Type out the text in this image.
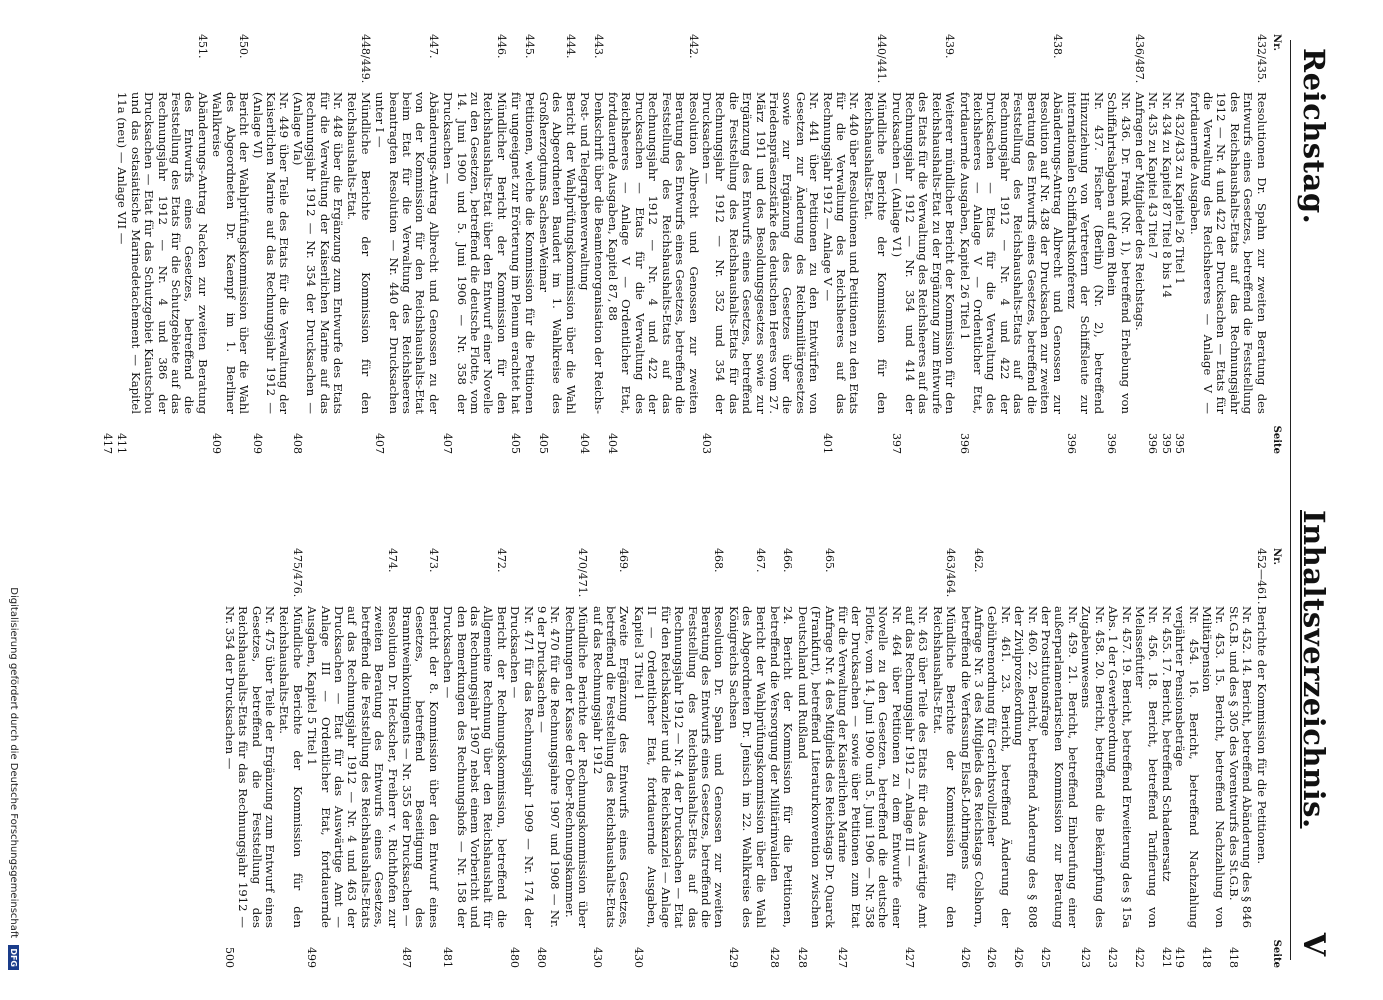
Reichstag.
Inhaltsverzeichnis.
V
Nr.
Seite
432/435.
Resolutionen Dr. Spahn zur zweiten Beratung des Entwurfs eines Gesetzes, betreffend die Feststellung des Reichshaushalts-Etats auf das Rechnungsjahr 1912 — Nr. 4 und 422 der Drucksachen — Etats für die Verwaltung des Reichsheeres — Anlage V — fortdauernde Ausgaben.
Nr. 432/433 zu Kapitel 26 Titel 1
395
Nr. 434 zu Kapitel 87 Titel 8 bis 14
395
Nr. 435 zu Kapitel 43 Titel 7
396
436/487.
Anfragen der Mitglieder des Reichstags.
Nr. 436. Dr. Frank (Nr. 1), betreffend Erhebung von Schiffahrtsabgaben auf dem Rhein
396
Nr. 437. Fischer (Berlin) (Nr. 2), betreffend Hinzuziehung von Vertretern der Schiffsleute zur internationalen Schiffahrtskonferenz
396
438.
Abänderungs-Antrag Albrecht und Genossen zur Resolution auf Nr. 438 der Drucksachen zur zweiten Beratung des Entwurfs eines Gesetzes, betreffend die Feststellung des Reichshaushalts-Etats auf das Rechnungsjahr 1912 — Nr. 4 und 422 der Drucksachen — Etats für die Verwaltung des Reichsheeres — Anlage V — Ordentlicher Etat, fortdauernde Ausgaben, Kapitel 26 Titel 1
396
439.
Weiterer mündlicher Bericht der Kommission für den Reichshaushalts-Etat zu der Ergänzung zum Entwurfe des Etats für die Verwaltung des Reichsheeres auf das Rechnungsjahr 1912 — Nr. 354 und 414 der Drucksachen — (Anlage V1)
397
440/441.
Mündliche Berichte der Kommission für den Reichshaushalts-Etat.
Nr. 440 über Resolutionen und Petitionen zu den Etats für die Verwaltung des Reichsheeres auf das Rechnungsjahr 1912 — Anlage V —
401
Nr. 441 über Petitionen zu den Entwürfen von Gesetzen zur Änderung des Reichsmilitärgesetzes sowie zur Ergänzung des Gesetzes über die Friedenspräsenzstärke des deutschen Heeres vom 27. März 1911 und des Besoldungsgesetzes sowie zur Ergänzung des Entwurfs eines Gesetzes, betreffend die Feststellung des Reichshaushalts-Etats für das Rechnungsjahr 1912 — Nr. 352 und 354 der Drucksachen —
403
442.
Resolution Albrecht und Genossen zur zweiten Beratung des Entwurfs eines Gesetzes, betreffend die Feststellung des Reichshaushalts-Etats auf das Rechnungsjahr 1912 — Nr. 4 und 422 der Drucksachen — Etats für die Verwaltung des Reichsheeres — Anlage V — Ordentlicher Etat, fortdauernde Ausgaben, Kapitel 87, 88
404
443.
Denkschrift über die Beamtenorganisation der Reichs-Post- und Telegraphenverwaltung
404
444.
Bericht der Wahlprüfungskommission über die Wahl des Abgeordneten Baudert im 1. Wahlkreise des Großherzogtums Sachsen-Weimar
405
445.
Petitionen, welche die Kommission für die Petitionen für ungeeignet zur Erörterung im Plenum erachtet hat
405
446.
Mündlicher Bericht der Kommission für den Reichshaushalts-Etat über den Entwurf einer Novelle zu den Gesetzen, betreffend die deutsche Flotte, vom 14. Juni 1900 und 5. Juni 1906 — Nr. 358 der Drucksachen —
407
447.
Abänderungs-Antrag Albrecht und Genossen zu der von der Kommission für den Reichshaushalts-Etat beim Etat für die Verwaltung des Reichsheeres beantragten Resolution — Nr. 440 der Drucksachen unter I —
407
448/449.
Mündliche Berichte der Kommission für den Reichshaushalts-Etat.
Nr. 448 über die Ergänzung zum Entwurfe des Etats für die Verwaltung der Kaiserlichen Marine auf das Rechnungsjahr 1912 — Nr. 354 der Drucksachen — (Anlage VIa)
408
Nr. 449 über Teile des Etats für die Verwaltung der Kaiserlichen Marine auf das Rechnungsjahr 1912 — (Anlage VI)
409
450.
Bericht der Wahlprüfungskommission über die Wahl des Abgeordneten Dr. Kaempf im 1. Berliner Wahlkreise
409
451.
Abänderungs-Antrag Nacken zur zweiten Beratung des Entwurfs eines Gesetzes, betreffend die Feststellung des Etats für die Schutzgebiete auf das Rechnungsjahr 1912 — Nr. 4 und 386 der Drucksachen — Etat für das Schutzgebiet Kiautschou und das ostasiatische Marinedetachement — Kapitel 11a (neu) — Anlage VII —
411
417
Nr.
Seite
452—461.
Berichte der Kommission für die Petitionen.
Nr. 452. 14. Bericht, betreffend Abänderung des § 846 St.G.B. und des § 305 des Vorentwurfs des St.G.B.
418
Nr. 453. 15. Bericht, betreffend Nachzahlung von Militärpension
418
Nr. 454. 16. Bericht, betreffend Nachzahlung verjährter Pensionsbeträge
419
Nr. 455. 17. Bericht, betreffend Schadenersatz
421
Nr. 456. 18. Bericht, betreffend Tarifierung von Melassefutter
422
Nr. 457. 19. Bericht, betreffend Erweiterung des § 15a Abs. 1 der Gewerbeordnung
423
Nr. 458. 20. Bericht, betreffend die Bekämpfung des Zugabeunwesens
423
Nr. 459. 21. Bericht, betreffend Einberufung einer außerparlamentarischen Kommission zur Beratung der Prostitutionsfrage
425
Nr. 460. 22. Bericht, betreffend Änderung des § 808 der Zivilprozeßordnung
426
Nr. 461. 23. Bericht, betreffend Änderung der Gebührenordnung für Gerichtsvollzieher
426
462.
Anfrage Nr. 3 des Mitglieds des Reichstags Colshorn, betreffend die Verfassung Elsaß-Lothringens
426
463/464.
Mündliche Berichte der Kommission für den Reichshaushalts-Etat.
Nr. 463 über Teile des Etats für das Auswärtige Amt auf das Rechnungsjahr 1912 — Anlage III —
427
Nr. 464 über Petitionen zu dem Entwurfe einer Novelle zu den Gesetzen, betreffend die deutsche Flotte, vom 14. Juni 1900 und 5. Juni 1906 — Nr. 358 der Drucksachen — sowie über Petitionen zum Etat für die Verwaltung der Kaiserlichen Marine
427
465.
Anfrage Nr. 4 des Mitglieds des Reichstags Dr. Quarck (Frankfurt), betreffend Literaturkonvention zwischen Deutschland und Rußland
428
466.
24. Bericht der Kommission für die Petitionen, betreffend die Versorgung der Militärinvaliden
428
467.
Bericht der Wahlprüfungskommission über die Wahl des Abgeordneten Dr. Jenisch im 22. Wahlkreise des Königreichs Sachsen
429
468.
Resolution Dr. Spahn und Genossen zur zweiten Beratung des Entwurfs eines Gesetzes, betreffend die Feststellung des Reichshaushalts-Etats auf das Rechnungsjahr 1912 — Nr. 4 der Drucksachen — Etat für den Reichskanzler und die Reichskanzlei — Anlage II — Ordentlicher Etat, fortdauernde Ausgaben, Kapitel 3 Titel 1
430
469.
Zweite Ergänzung des Entwurfs eines Gesetzes, betreffend die Feststellung des Reichshaushalts-Etats auf das Rechnungsjahr 1912
430
470/471.
Mündliche Berichte der Rechnungskommission über Rechnungen der Kasse der Ober-Rechnungskammer.
Nr. 470 für die Rechnungsjahre 1907 und 1908 — Nr. 9 der Drucksachen —
480
Nr. 471 für das Rechnungsjahr 1909 — Nr. 174 der Drucksachen —
480
472.
Bericht der Rechnungskommission, betreffend die Allgemeine Rechnung über den Reichshaushalt für das Rechnungsjahr 1907 nebst einem Vorbericht und den Bemerkungen des Rechnungshofs — Nr. 158 der Drucksachen —
481
473.
Bericht der 8. Kommission über den Entwurf eines Gesetzes, betreffend Beseitigung des Branntweinkontingents — Nr. 355 der Drucksachen —
487
474.
Resolution Dr. Heckscher, Freiherr v. Richthofen zur zweiten Beratung des Entwurfs eines Gesetzes, betreffend die Feststellung des Reichshaushalts-Etats auf das Rechnungsjahr 1912 — Nr. 4 und 463 der Drucksachen — Etat für das Auswärtige Amt — Anlage III — Ordentlicher Etat, fortdauernde Ausgaben, Kapitel 5 Titel 1
499
475/476.
Mündliche Berichte der Kommission für den Reichshaushalts-Etat.
Nr. 475 über Teile der Ergänzung zum Entwurf eines Gesetzes, betreffend die Feststellung des Reichshaushalts-Etats für das Rechnungsjahr 1912 — Nr. 354 der Drucksachen —
500
Digitalisierung gefördert durch die Deutsche Forschungsgemeinschaft DFG
